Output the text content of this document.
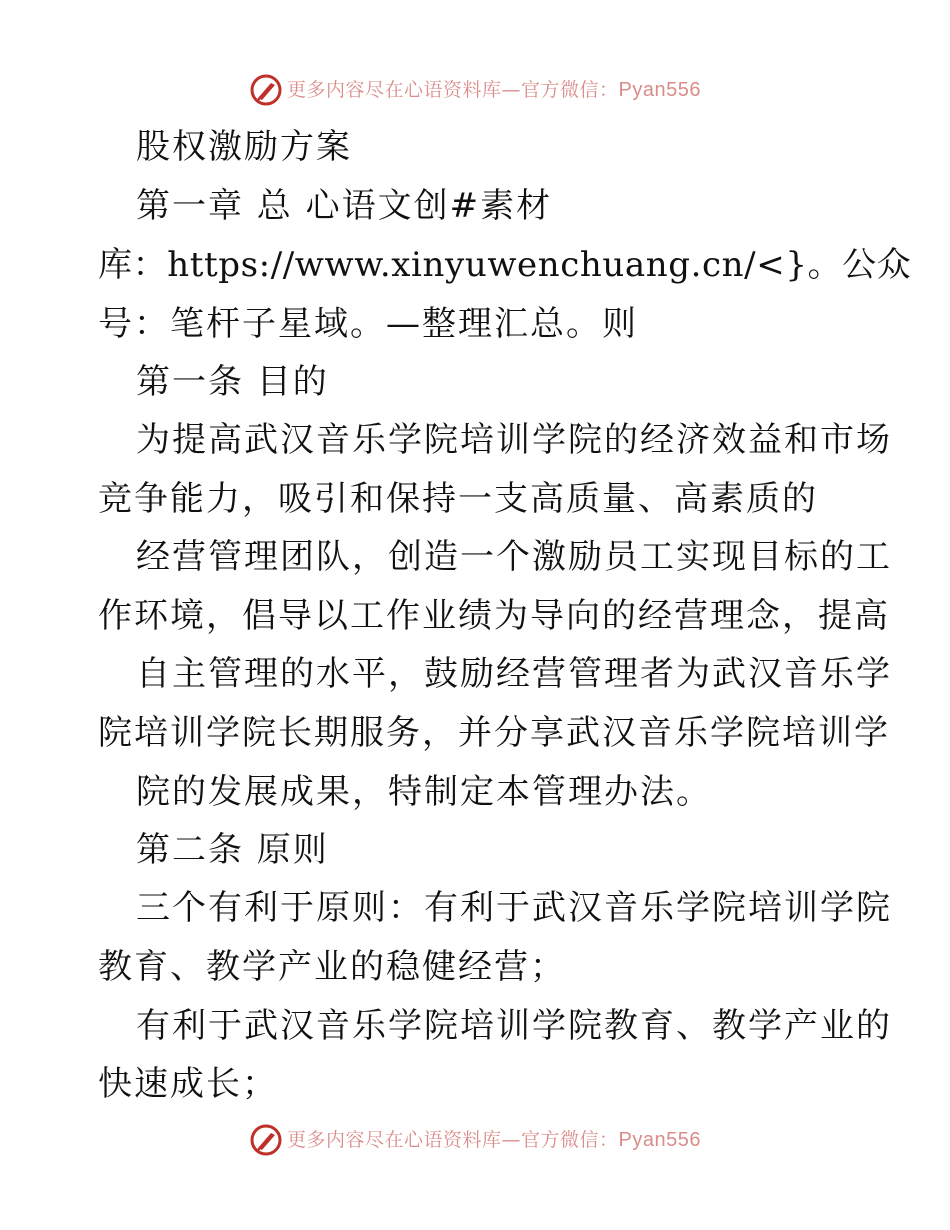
更多内容尽在心语资料库—官方微信：Pyan556
股权激励方案
第一章 总 心语文创#素材
库：https://www.xinyuwenchuang.cn/<}。公众
号：笔杆子星域。—整理汇总。则
第一条 目的
为提高武汉音乐学院培训学院的经济效益和市场
竞争能力，吸引和保持一支高质量、高素质的
经营管理团队，创造一个激励员工实现目标的工
作环境，倡导以工作业绩为导向的经营理念，提高
自主管理的水平，鼓励经营管理者为武汉音乐学
院培训学院长期服务，并分享武汉音乐学院培训学
院的发展成果，特制定本管理办法。
第二条 原则
三个有利于原则：有利于武汉音乐学院培训学院
教育、教学产业的稳健经营；
有利于武汉音乐学院培训学院教育、教学产业的
快速成长；
更多内容尽在心语资料库—官方微信：Pyan556
